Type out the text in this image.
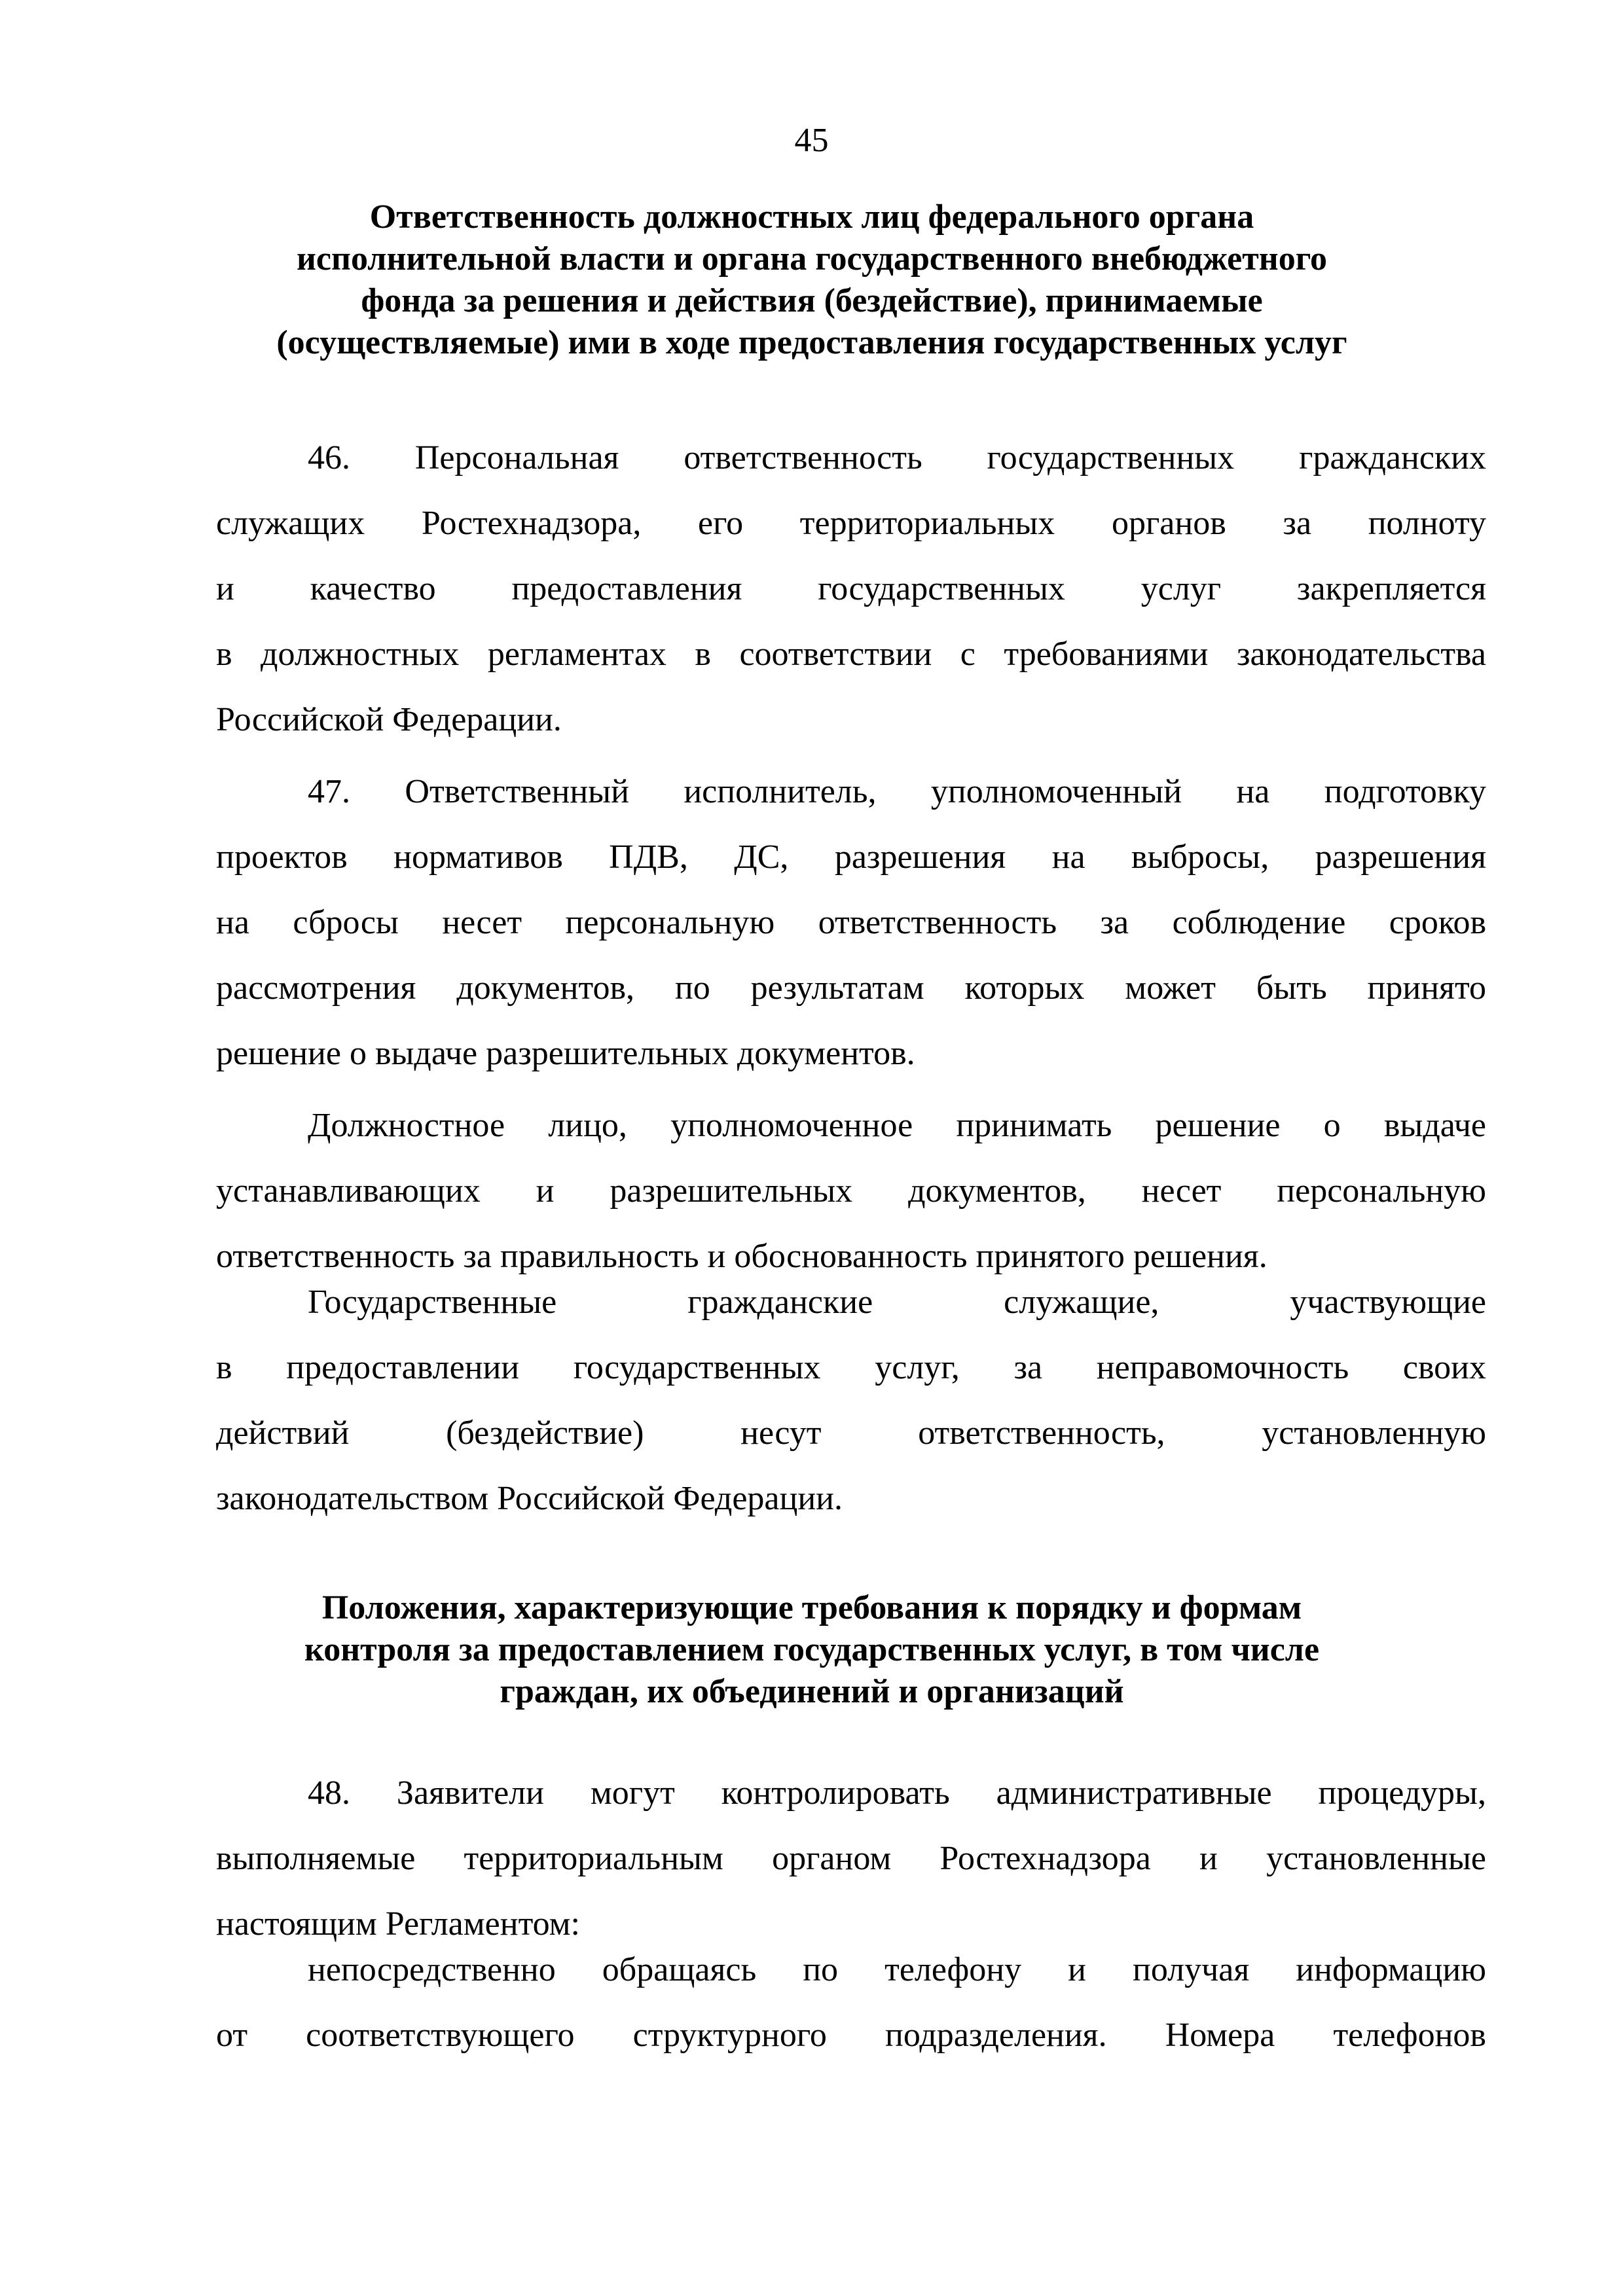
45
Ответственность должностных лиц федерального органа
исполнительной власти и органа государственного внебюджетного
фонда за решения и действия (бездействие), принимаемые
(осуществляемые) ими в ходе предоставления государственных услуг

46. Персональная ответственность государственных гражданских
служащих Ростехнадзора, его территориальных органов за полноту
и качество предоставления государственных услуг закрепляется
в должностных регламентах в соответствии с требованиями законодательства
Российской Федерации.

47. Ответственный исполнитель, уполномоченный на подготовку
проектов нормативов ПДВ, ДС, разрешения на выбросы, разрешения
на сбросы несет персональную ответственность за соблюдение сроков
рассмотрения документов, по результатам которых может быть принято
решение о выдаче разрешительных документов.

Должностное лицо, уполномоченное принимать решение о выдаче
устанавливающих и разрешительных документов, несет персональную
ответственность за правильность и обоснованность принятого решения.

Государственные гражданские служащие, участвующие
в предоставлении государственных услуг, за неправомочность своих
действий (бездействие) несут ответственность, установленную
законодательством Российской Федерации.

Положения, характеризующие требования к порядку и формам
контроля за предоставлением государственных услуг, в том числе
граждан, их объединений и организаций

48. Заявители могут контролировать административные процедуры,
выполняемые территориальным органом Ростехнадзора и установленные
настоящим Регламентом:

непосредственно обращаясь по телефону и получая информацию
от соответствующего структурного подразделения. Номера телефонов
